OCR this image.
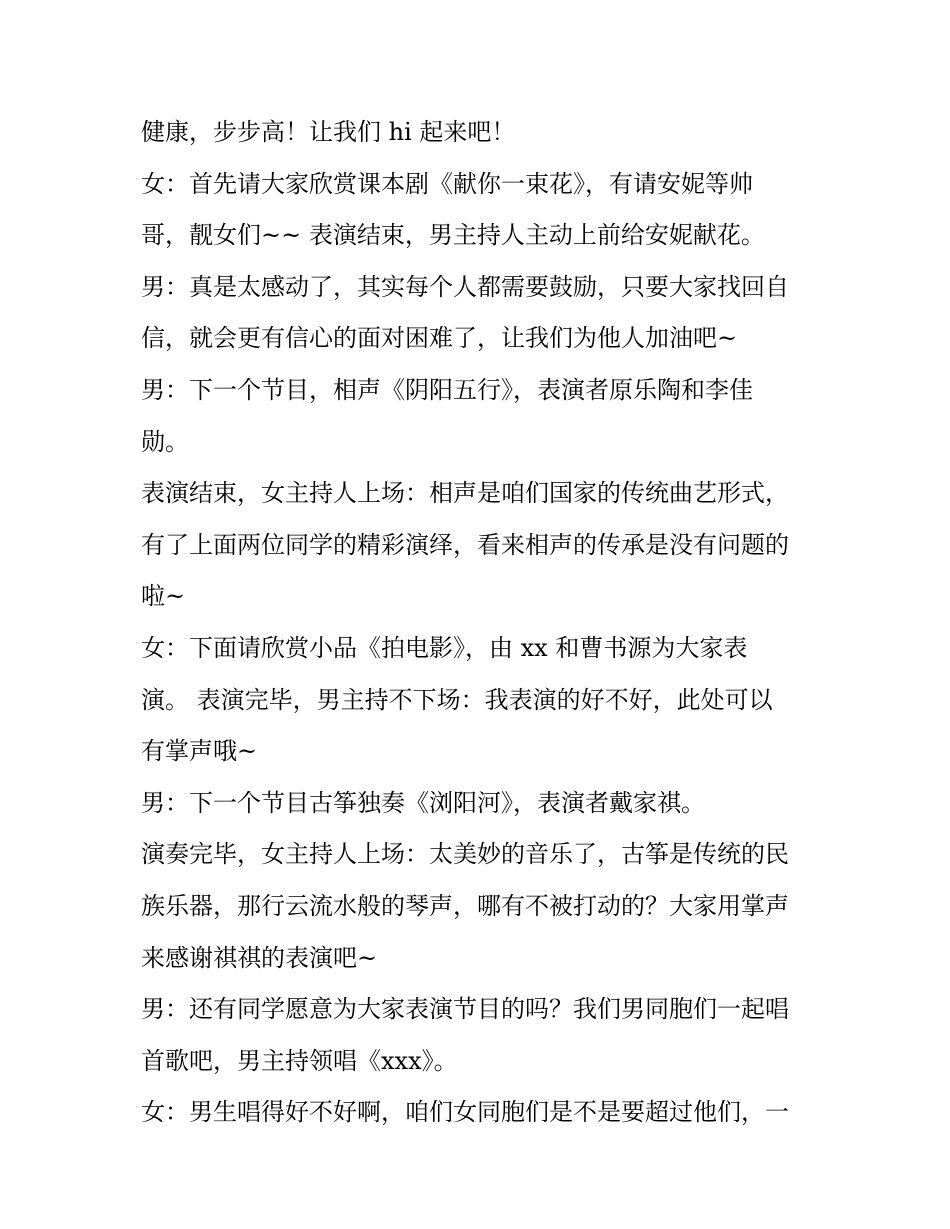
健康，步步高！让我们 hi 起来吧！
女：首先请大家欣赏课本剧《献你一束花》，有请安妮等帅
哥，靓女们~~ 表演结束，男主持人主动上前给安妮献花。
男：真是太感动了，其实每个人都需要鼓励，只要大家找回自
信，就会更有信心的面对困难了，让我们为他人加油吧~
男：下一个节目，相声《阴阳五行》，表演者原乐陶和李佳
勋。
表演结束，女主持人上场：相声是咱们国家的传统曲艺形式，
有了上面两位同学的精彩演绎，看来相声的传承是没有问题的
啦~
女：下面请欣赏小品《拍电影》，由 xx 和曹书源为大家表
演。 表演完毕，男主持不下场：我表演的好不好，此处可以
有掌声哦~
男：下一个节目古筝独奏《浏阳河》，表演者戴家祺。
演奏完毕，女主持人上场：太美妙的音乐了，古筝是传统的民
族乐器，那行云流水般的琴声，哪有不被打动的？大家用掌声
来感谢祺祺的表演吧~
男：还有同学愿意为大家表演节目的吗？我们男同胞们一起唱
首歌吧，男主持领唱《xxx》。
女：男生唱得好不好啊，咱们女同胞们是不是要超过他们，一
